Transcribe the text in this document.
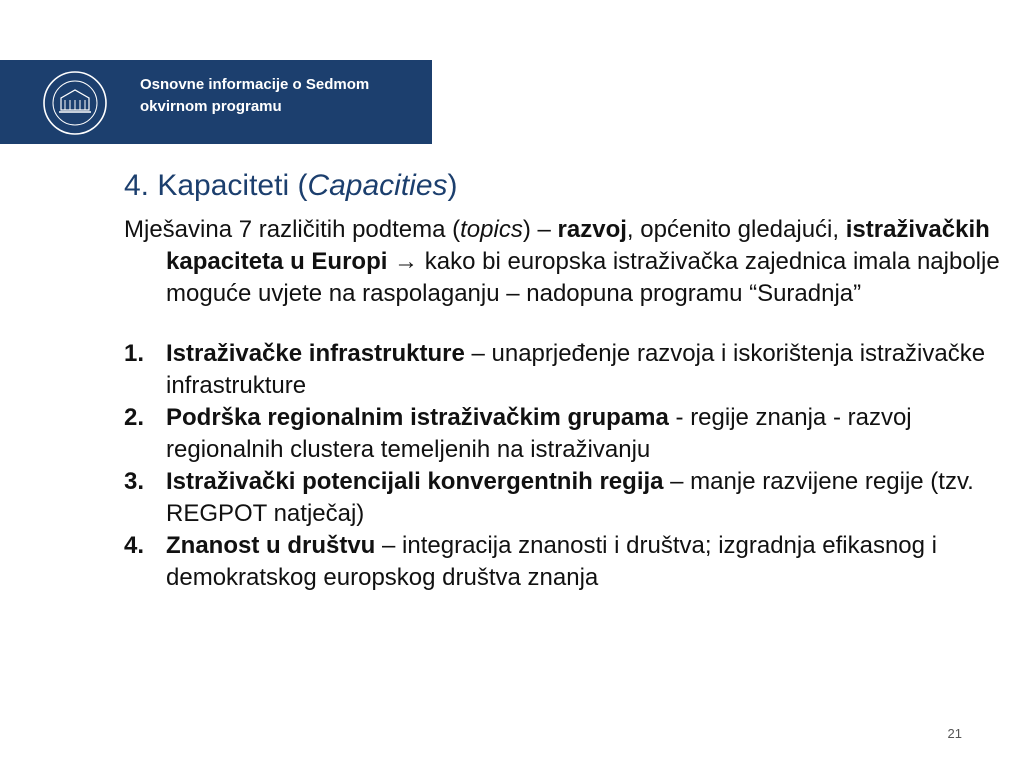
Osnovne informacije o Sedmom
okvirnom programu
4. Kapaciteti (Capacities)

Mješavina 7 različitih podtema (topics) – razvoj, općenito gledajući, istraživačkih kapaciteta u Europi → kako bi europska istraživačka zajednica imala najbolje moguće uvjete na raspolaganju – nadopuna programu “Suradnja”

1. Istraživačke infrastrukture – unaprjeđenje razvoja i iskorištenja istraživačke infrastrukture
2. Podrška regionalnim istraživačkim grupama - regije znanja - razvoj regionalnih clustera temeljenih na istraživanju
3. Istraživački potencijali konvergentnih regija – manje razvijene regije (tzv. REGPOT natječaj)
4. Znanost u društvu – integracija znanosti i društva; izgradnja efikasnog i demokratskog europskog društva znanja
21
